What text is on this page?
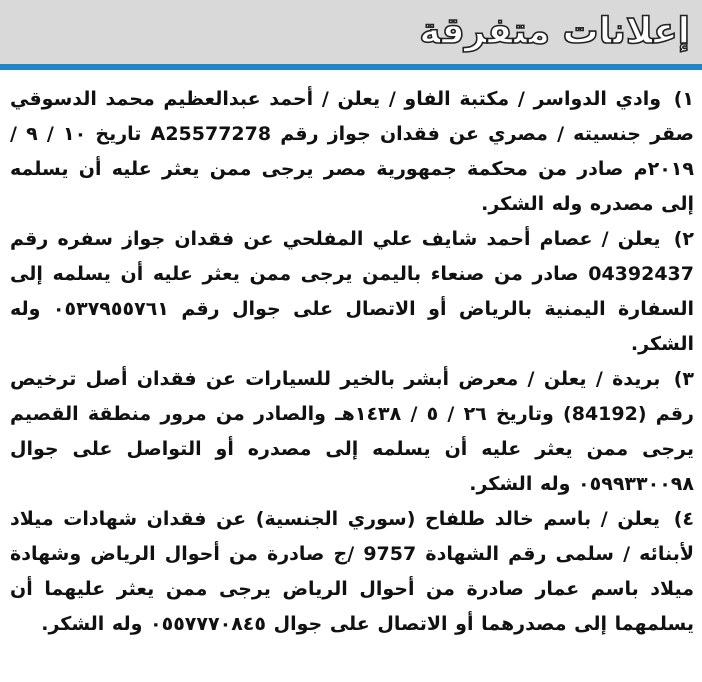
إعلانات متفرقة

١) وادي الدواسر / مكتبة الفاو / يعلن / أحمد عبدالعظيم محمد الدسوقي صقر جنسيته / مصري عن فقدان جواز رقم A25577278 تاريخ ١٠ / ٩ / ٢٠١٩م صادر من محكمة جمهورية مصر يرجى ممن يعثر عليه أن يسلمه إلى مصدره وله الشكر.

٢) يعلن / عصام أحمد شايف علي المفلحي عن فقدان جواز سفره رقم 04392437 صادر من صنعاء باليمن يرجى ممن يعثر عليه أن يسلمه إلى السفارة اليمنية بالرياض أو الاتصال على جوال رقم ٠٥٣٧٩٥٥٧٦١ وله الشكر.

٣) بريدة / يعلن / معرض أبشر بالخير للسيارات عن فقدان أصل ترخيص رقم (84192) وتاريخ ٢٦ / ٥ / ١٤٣٨هـ والصادر من مرور منطقة القصيم يرجى ممن يعثر عليه أن يسلمه إلى مصدره أو التواصل على جوال ٠٥٩٩٣٣٠٠٩٨ وله الشكر.

٤) يعلن / باسم خالد طلفاح (سوري الجنسية) عن فقدان شهادات ميلاد لأبنائه / سلمى رقم الشهادة 9757 /ج صادرة من أحوال الرياض وشهادة ميلاد باسم عمار صادرة من أحوال الرياض يرجى ممن يعثر عليهما أن يسلمهما إلى مصدرهما أو الاتصال على جوال ٠٥٥٧٧٧٠٨٤٥ وله الشكر.
